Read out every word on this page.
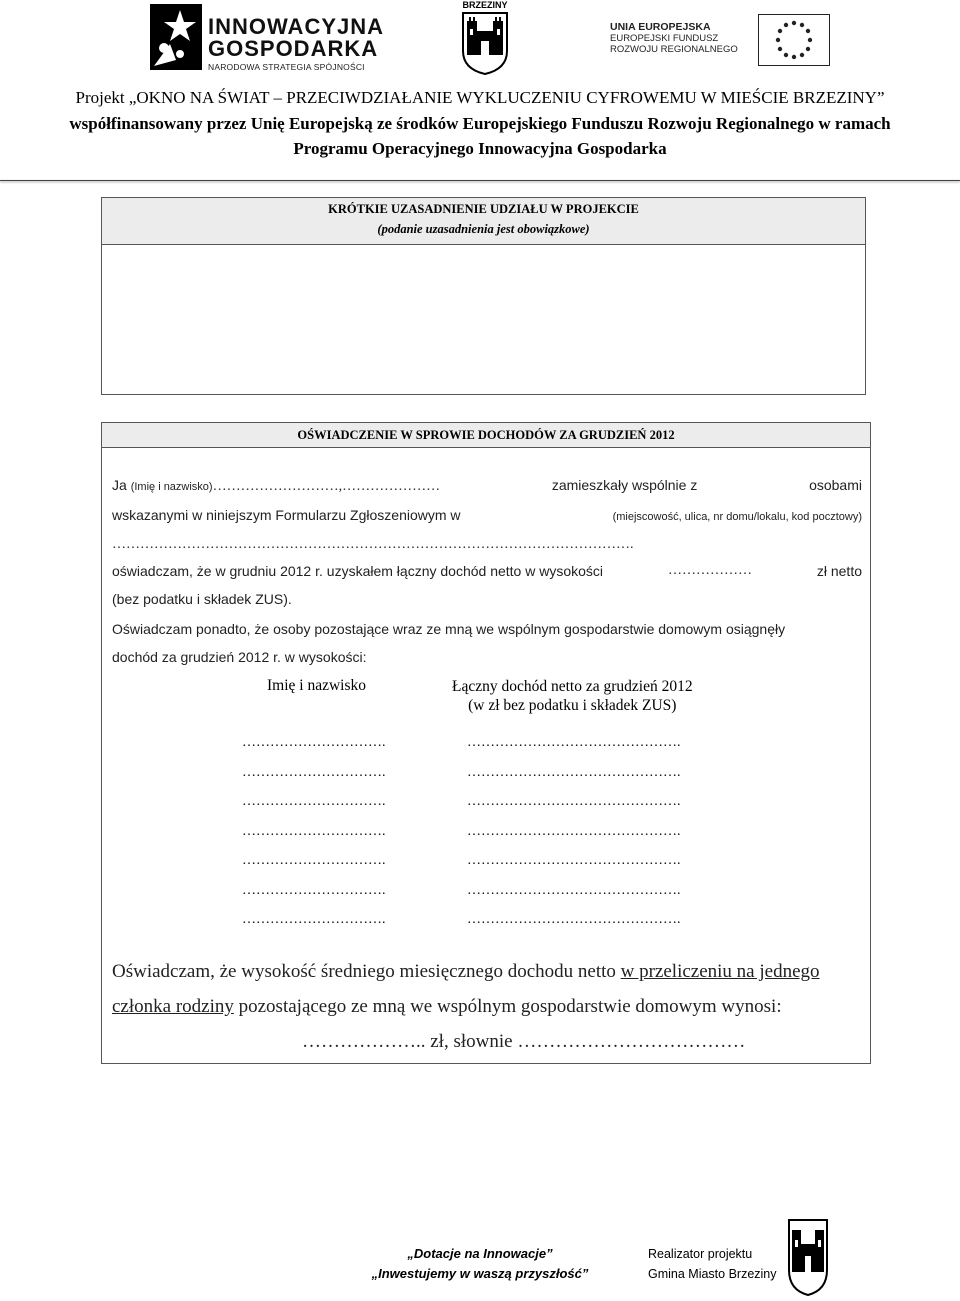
INNOWACYJNA
GOSPODARKA
NARODOWA STRATEGIA SPÓJNOŚCI
BRZEZINY
UNIA EUROPEJSKA
EUROPEJSKI FUNDUSZ
ROZWOJU REGIONALNEGO
Projekt „OKNO NA ŚWIAT – PRZECIWDZIAŁANIE WYKLUCZENIU CYFROWEMU W MIEŚCIE BRZEZINY”
współfinansowany przez Unię Europejską ze środków Europejskiego Funduszu Rozwoju Regionalnego w ramach
Programu Operacyjnego Innowacyjna Gospodarka
KRÓTKIE UZASADNIENIE UDZIAŁU W PROJEKCIE
(podanie uzasadnienia jest obowiązkowe)
OŚWIADCZENIE W SPROWIE DOCHODÓW ZA GRUDZIEŃ 2012
Ja (Imię i nazwisko)………………………,…………………	zamieszkały wspólnie z	osobami
wskazanymi w niniejszym Formularzu Zgłoszeniowym w	(miejscowość, ulica, nr domu/lokalu, kod pocztowy)
………………………………………………………………………………………………….
oświadczam, że w grudniu 2012 r. uzyskałem łączny dochód netto w wysokości	………………	zł netto
(bez podatku i składek ZUS).
Oświadczam ponadto, że osoby pozostające wraz ze mną we wspólnym gospodarstwie domowym osiągnęły
dochód za grudzień 2012 r. w wysokości:
Imię i nazwisko	Łączny dochód netto za grudzień 2012
(w zł bez podatku i składek ZUS)
………………………….	……………………………………….
………………………….	……………………………………….
………………………….	……………………………………….
………………………….	……………………………………….
………………………….	……………………………………….
………………………….	……………………………………….
………………………….	……………………………………….
Oświadczam, że wysokość średniego miesięcznego dochodu netto w przeliczeniu na jednego
członka rodziny pozostającego ze mną we wspólnym gospodarstwie domowym wynosi:
……………….. zł, słownie ………………………………
„Dotacje na Innowacje”
„Inwestujemy w waszą przyszłość”
Realizator projektu
Gmina Miasto Brzeziny
